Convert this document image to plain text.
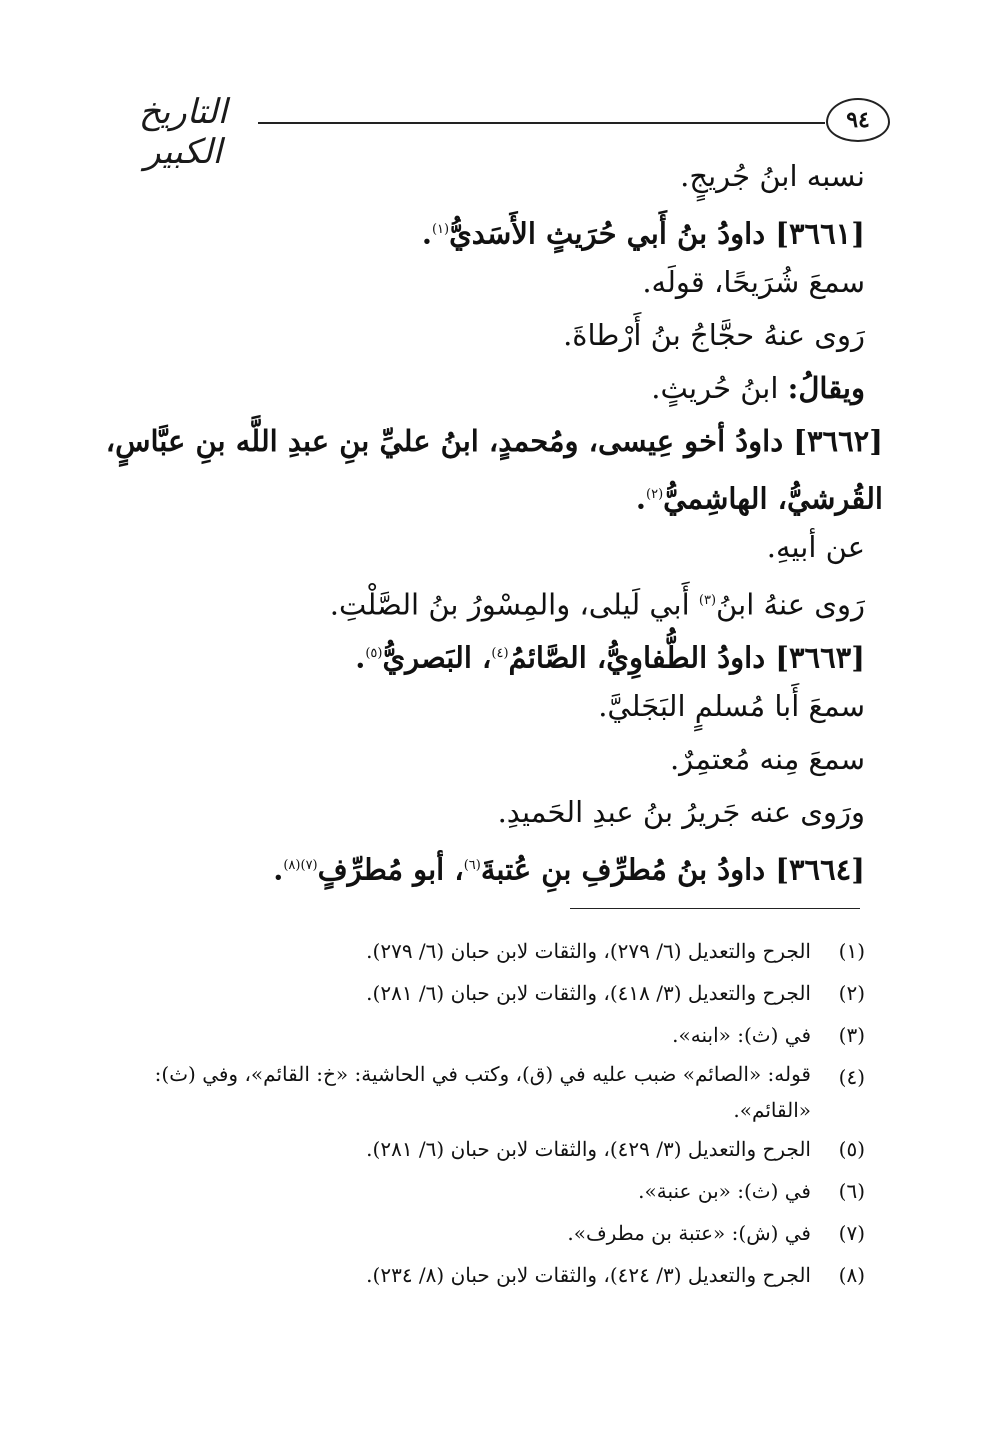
التاريخ الكبير
٩٤
نسبه ابنُ جُريجٍ.
[٣٦٦١] داودُ بنُ أَبي حُرَيثٍ الأَسَديُّ$^{(١)}$.
سمعَ شُرَيحًا، قولَه.
رَوى عنهُ حجَّاجُ بنُ أَرْطاةَ.
ويقالُ: ابنُ حُريثٍ.
[٣٦٦٢] داودُ أخو عِيسى، ومُحمدٍ، ابنُ عليِّ بنِ عبدِ اللَّه بنِ عبَّاسٍ،
القُرشيُّ، الهاشِميُّ$^{(٢)}$.
عن أبيهِ.
رَوى عنهُ ابنُ$^{(٣)}$ أَبي لَيلى، والمِسْورُ بنُ الصَّلْتِ.
[٣٦٦٣] داودُ الطُّفاوِيُّ، الصَّائمُ$^{(٤)}$، البَصريُّ$^{(٥)}$.
سمعَ أَبا مُسلمٍ البَجَليَّ.
سمعَ مِنه مُعتمِرٌ.
ورَوى عنه جَريرُ بنُ عبدِ الحَميدِ.
[٣٦٦٤] داودُ بنُ مُطرِّفِ بنِ عُتبةَ$^{(٦)}$، أبو مُطرِّفٍ$^{(٧)(٨)}$.
(١)
الجرح والتعديل (٦/ ٢٧٩)، والثقات لابن حبان (٦/ ٢٧٩).
(٢)
الجرح والتعديل (٣/ ٤١٨)، والثقات لابن حبان (٦/ ٢٨١).
(٣)
في (ث): «ابنه».
(٤)
قوله: «الصائم» ضبب عليه في (ق)، وكتب في الحاشية: «خ: القائم»، وفي (ث): «القائم».
(٥)
الجرح والتعديل (٣/ ٤٢٩)، والثقات لابن حبان (٦/ ٢٨١).
(٦)
في (ث): «بن عنبة».
(٧)
في (ش): «عتبة بن مطرف».
(٨)
الجرح والتعديل (٣/ ٤٢٤)، والثقات لابن حبان (٨/ ٢٣٤).
